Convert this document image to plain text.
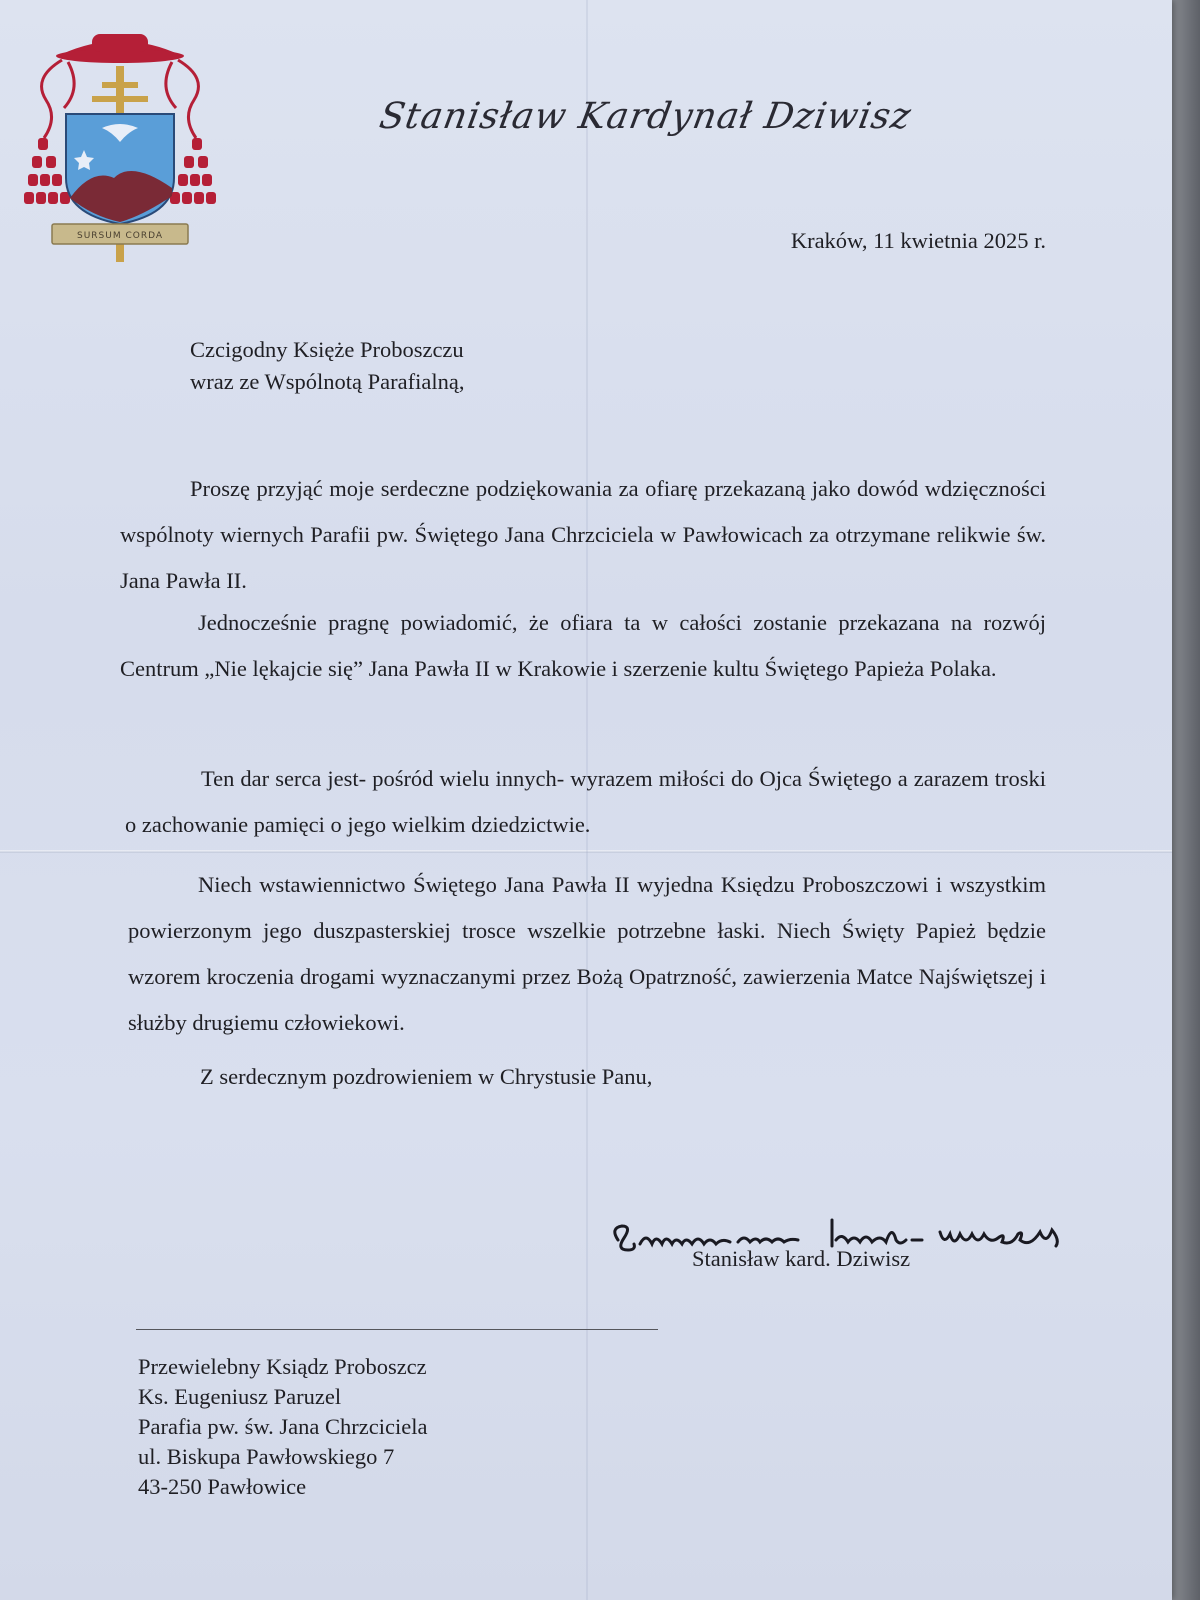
SURSUM CORDA
Stanisław Kardynał Dziwisz
Kraków, 11 kwietnia 2025 r.
Czcigodny Księże Proboszczu
wraz ze Wspólnotą Parafialną,

Proszę przyjąć moje serdeczne podziękowania za ofiarę przekazaną jako dowód wdzięczności wspólnoty wiernych Parafii pw. Świętego Jana Chrzciciela w Pawłowicach za otrzymane relikwie św. Jana Pawła II.

Jednocześnie pragnę powiadomić, że ofiara ta w całości zostanie przekazana na rozwój Centrum „Nie lękajcie się” Jana Pawła II w Krakowie i szerzenie kultu Świętego Papieża Polaka.

Ten dar serca jest- pośród wielu innych- wyrazem miłości do Ojca Świętego a zarazem troski o zachowanie pamięci o jego wielkim dziedzictwie.

Niech wstawiennictwo Świętego Jana Pawła II wyjedna Księdzu Proboszczowi i wszystkim powierzonym jego duszpasterskiej trosce wszelkie potrzebne łaski. Niech Święty Papież będzie wzorem kroczenia drogami wyznaczanymi przez Bożą Opatrzność, zawierzenia Matce Najświętszej i służby drugiemu człowiekowi.

Z serdecznym pozdrowieniem w Chrystusie Panu,
Stanisław kard. Dziwisz
Przewielebny Ksiądz Proboszcz
Ks. Eugeniusz Paruzel
Parafia pw. św. Jana Chrzciciela
ul. Biskupa Pawłowskiego 7
43-250 Pawłowice
